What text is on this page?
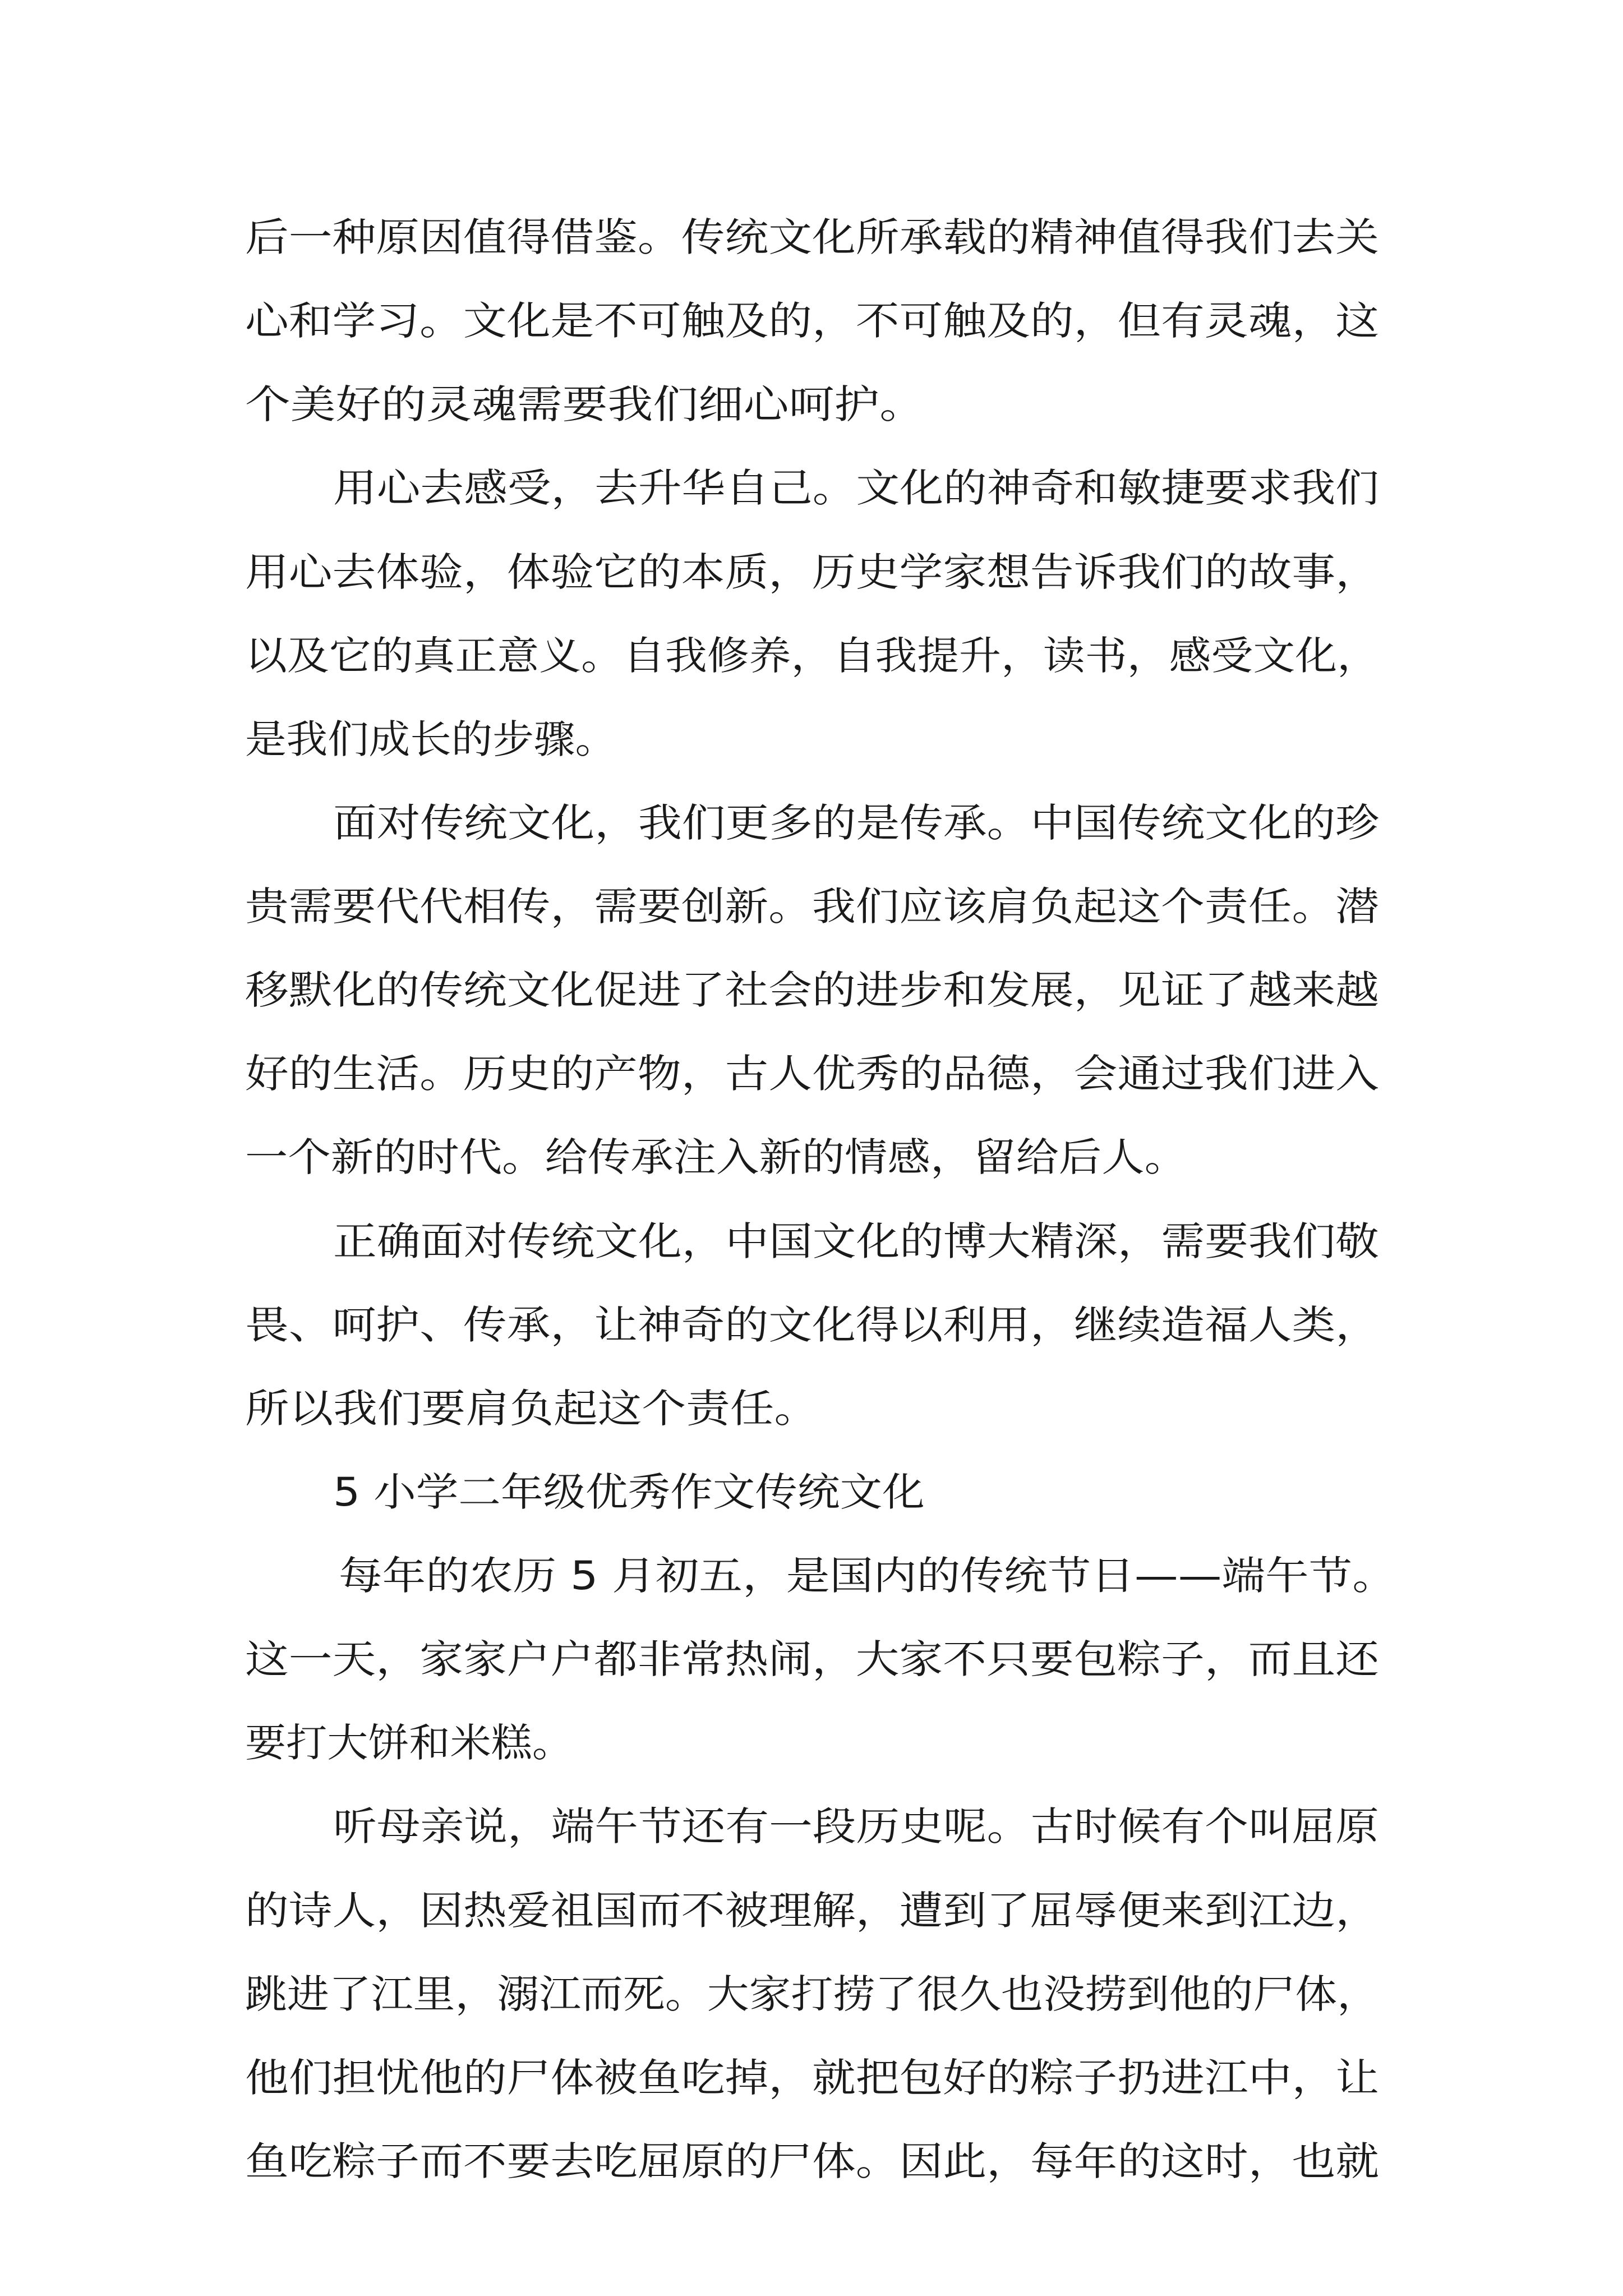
后一种原因值得借鉴。传统文化所承载的精神值得我们去关

心和学习。文化是不可触及的，不可触及的，但有灵魂，这

个美好的灵魂需要我们细心呵护。

用心去感受，去升华自己。文化的神奇和敏捷要求我们

用心去体验，体验它的本质，历史学家想告诉我们的故事，

以及它的真正意义。自我修养，自我提升，读书，感受文化，

是我们成长的步骤。

面对传统文化，我们更多的是传承。中国传统文化的珍

贵需要代代相传，需要创新。我们应该肩负起这个责任。潜

移默化的传统文化促进了社会的进步和发展，见证了越来越

好的生活。历史的产物，古人优秀的品德，会通过我们进入

一个新的时代。给传承注入新的情感，留给后人。

正确面对传统文化，中国文化的博大精深，需要我们敬

畏、呵护、传承，让神奇的文化得以利用，继续造福人类，

所以我们要肩负起这个责任。

5 小学二年级优秀作文传统文化

每年的农历 5 月初五，是国内的传统节日——端午节。

这一天，家家户户都非常热闹，大家不只要包粽子，而且还

要打大饼和米糕。

听母亲说，端午节还有一段历史呢。古时候有个叫屈原

的诗人，因热爱祖国而不被理解，遭到了屈辱便来到江边，

跳进了江里，溺江而死。大家打捞了很久也没捞到他的尸体，

他们担忧他的尸体被鱼吃掉，就把包好的粽子扔进江中，让

鱼吃粽子而不要去吃屈原的尸体。因此，每年的这时，也就
